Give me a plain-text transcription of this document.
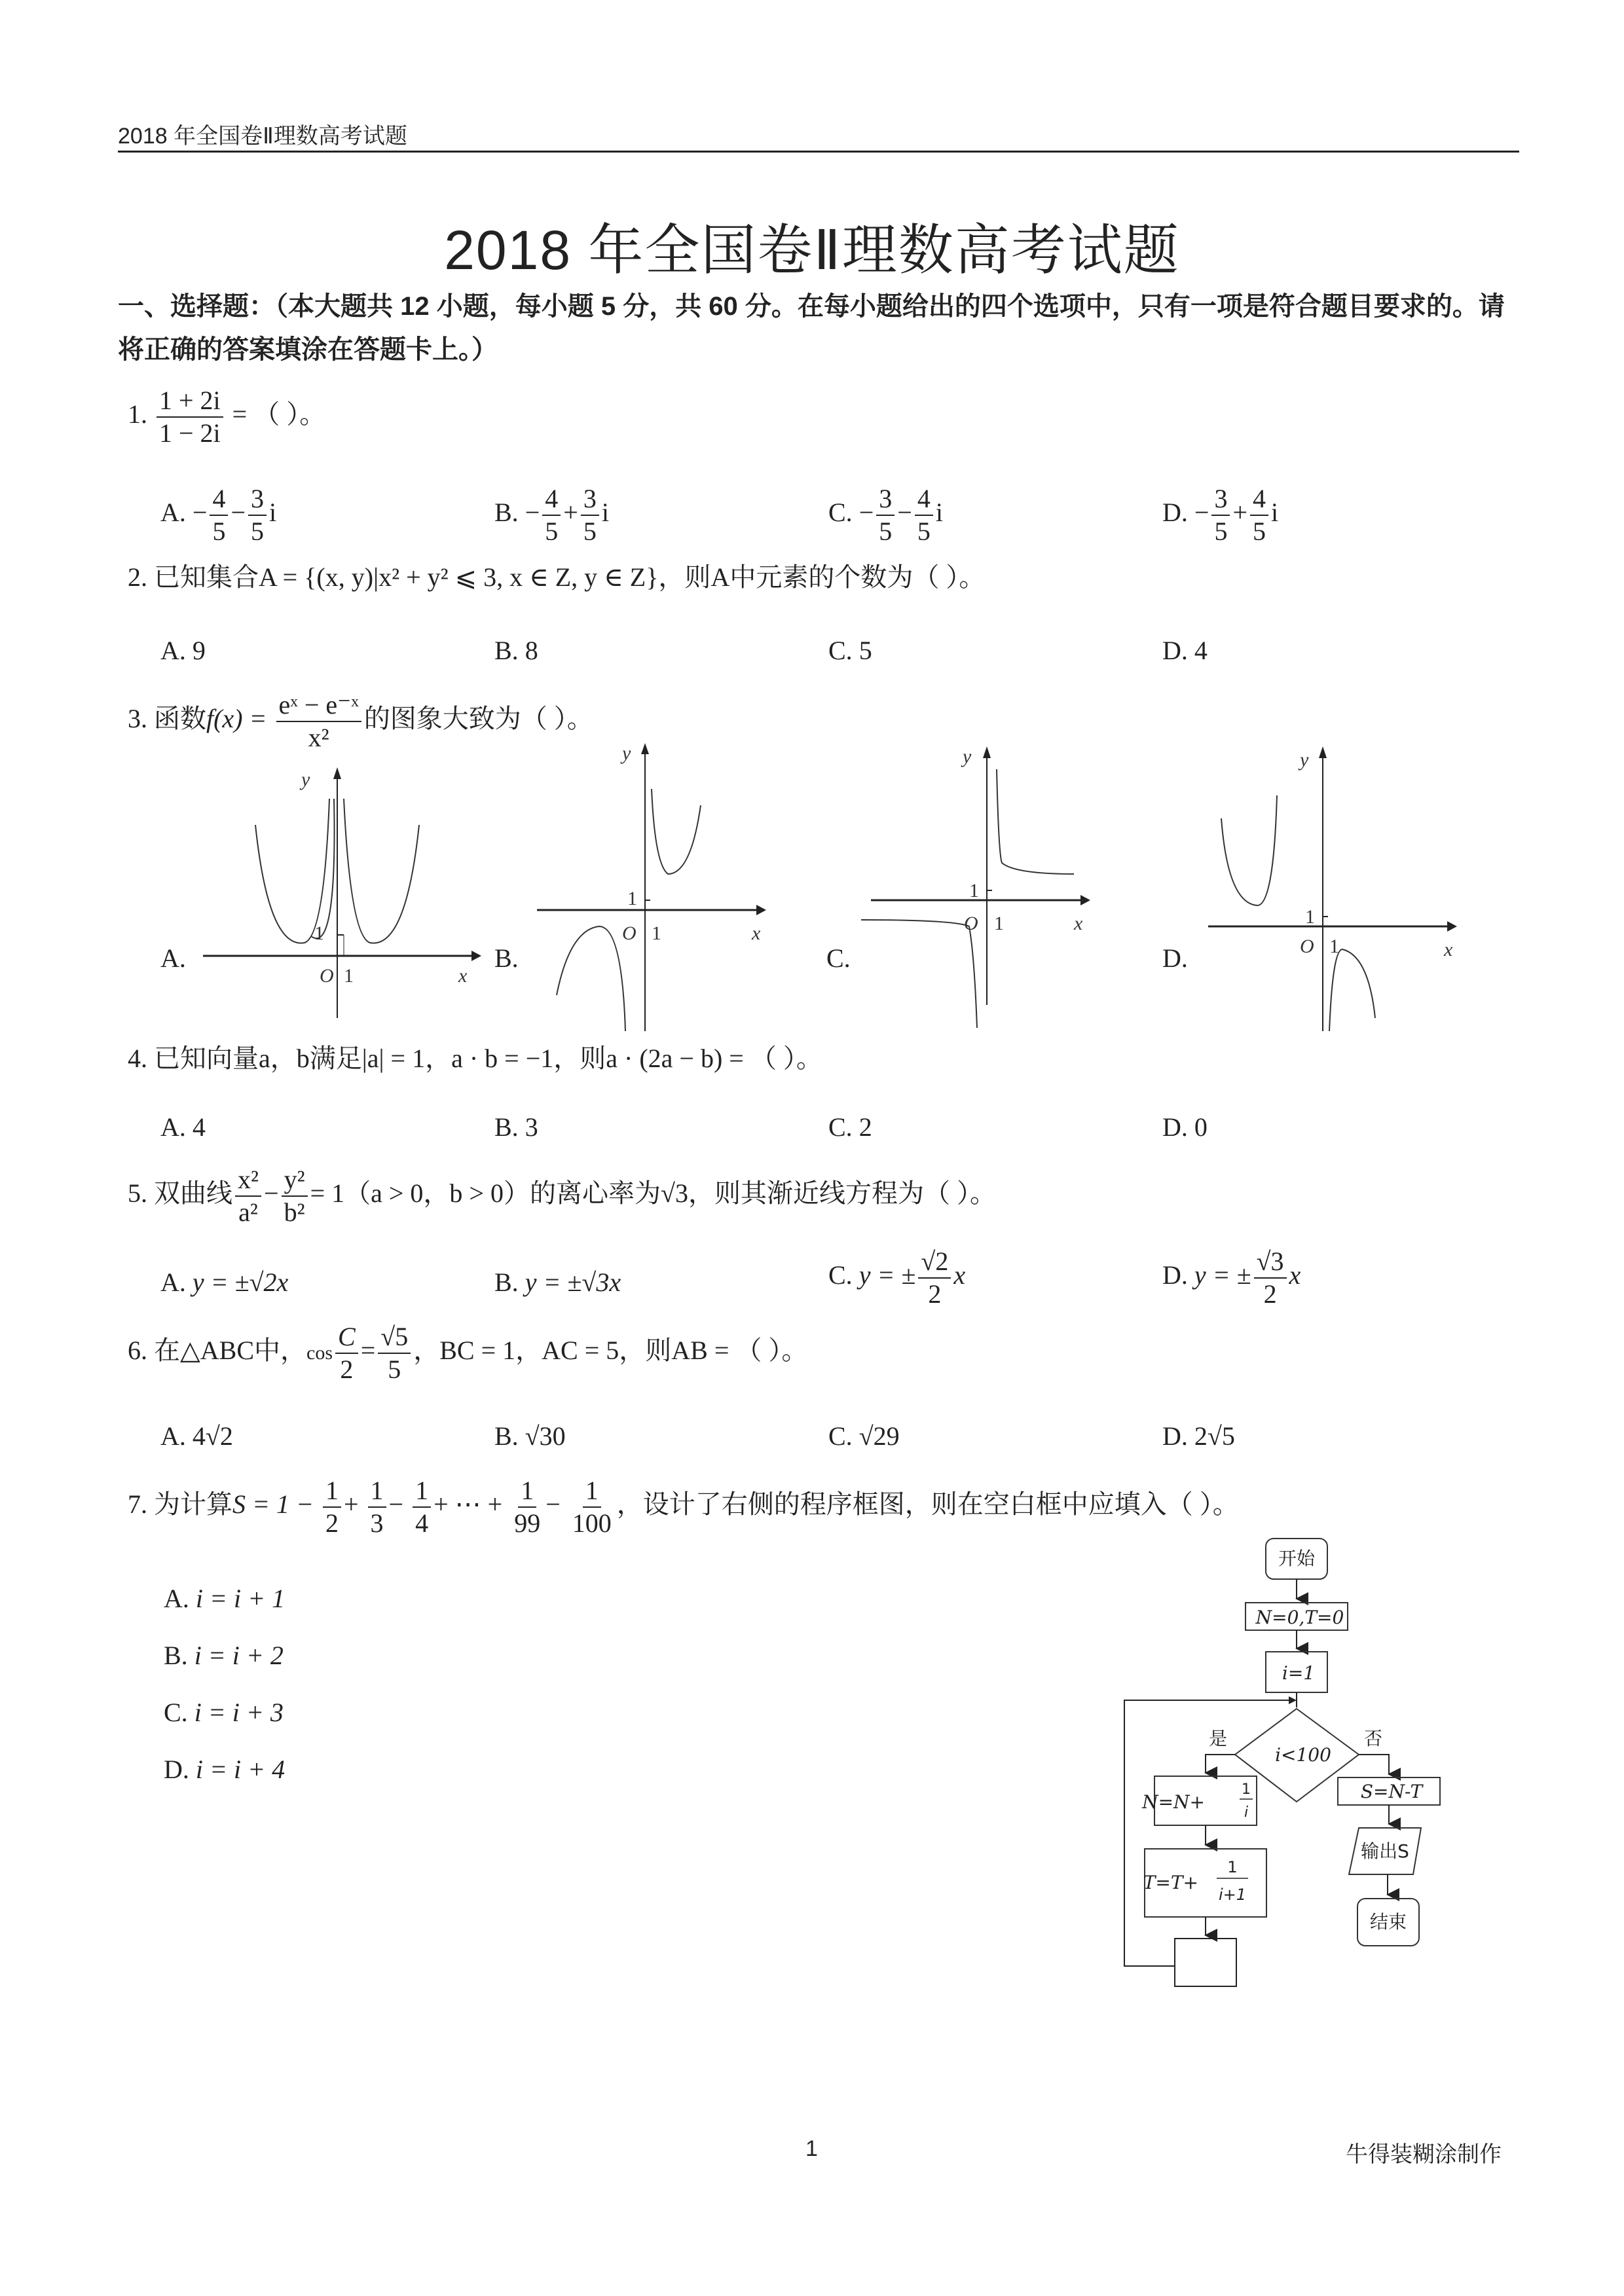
2018 年全国卷Ⅱ理数高考试题
2018 年全国卷Ⅱ理数高考试题
一、选择题：（本大题共 12 小题，每小题 5 分，共 60 分。在每小题给出的四个选项中，只有一项是符合题目要求的。请将正确的答案填涂在答题卡上。）
1. $\frac{1 + 2i}{1 - 2i}$ = （ ）。
A. − $\frac{4}{5} - \frac{3}{5}$ i	B. − $\frac{4}{5} + \frac{3}{5}$ i	C. − $\frac{3}{5} - \frac{4}{5}$ i	D. − $\frac{3}{5} + \frac{4}{5}$ i
2. 已知集合A = {(x, y)|x² + y² ⩽ 3, x ∈ Z, y ∈ Z}，则A中元素的个数为（ ）。
A. 9	B. 8	C. 5	D. 4
3. 函数$f(x) = \frac{\text{eˣ − e⁻ˣ}}{\text{x²}}$ 的图象大致为（ ）。
A.
O 1
1
x
y
B.
O 1
1
x
y
C.
O 1
1
x
y
D.	O 1
1
x
y
4. 已知向量a，b满足|a| = 1，a · b = −1，则a · (2a − b) = （ ）。
A. 4	B. 3	C. 2	D. 0
5. 双曲线 $\frac{\text{x²}}{\text{a²}} - \frac{\text{y²}}{\text{b²}} = 1(a > 0$，b > 0）的离心率为√3，则其渐近线方程为（ ）。
A. y = ±√2x	B. y = ±√3x	C. y = ± $\frac{√2}{2}$ x	D. y = ± $\frac{√3}{2}$ x
6. 在△ABC中，$\cos \frac{C}{2} = \frac{√5}{5}$ ，BC = 1，AC = 5，则AB = （ ）。
A. 4√2	B. √30	C. √29	D. 2√5
7. 为计算$S = 1 - \frac{1}{2} + \frac{1}{3} - \frac{1}{4}$ + ⋯ + $\frac{1}{99} - \frac{1}{100}$ ，设计了右侧的程序框图，则在空白框中应填入（ ）。
A. i = i + 1
B. i = i + 2
C. i = i + 3
D. i = i + 4
开始
N=0,T=0
i=1
i<100
是	否
N=N+
1
i
T=T+
1
i+1
S=N-T
输出S
结束
1	牛得装糊涂制作
